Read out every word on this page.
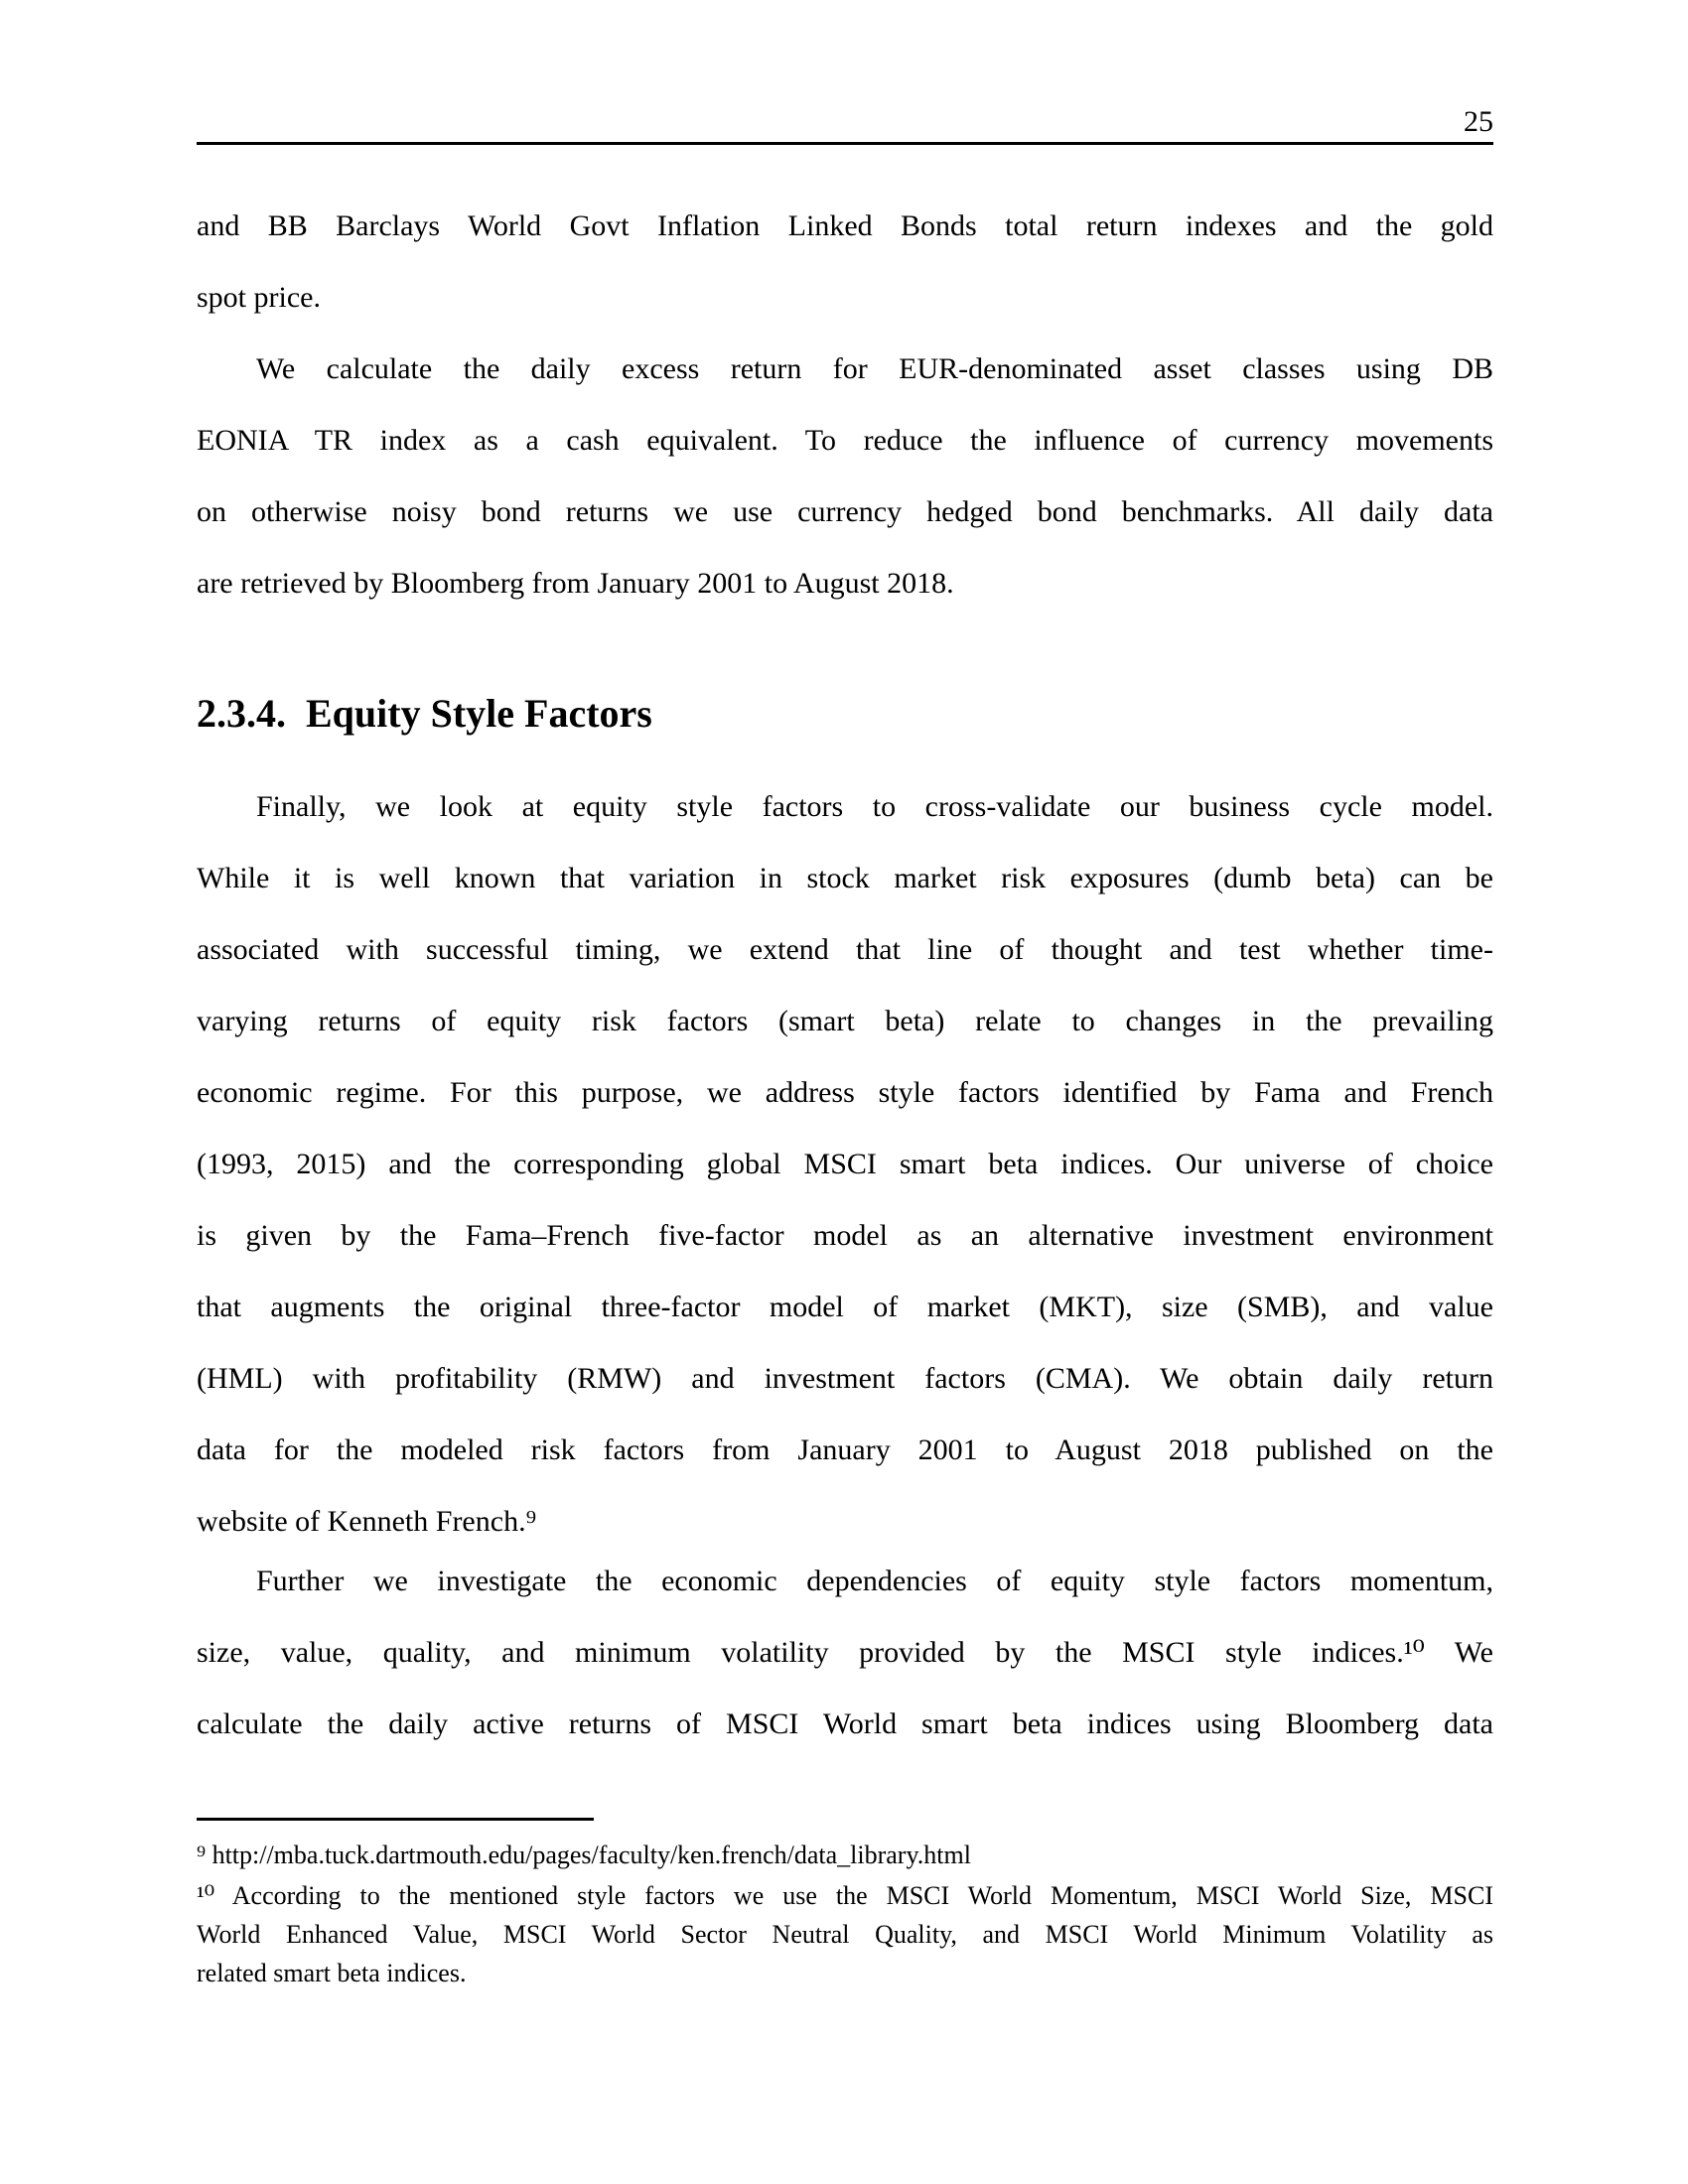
25
and BB Barclays World Govt Inflation Linked Bonds total return indexes and the gold
spot price.
We calculate the daily excess return for EUR-denominated asset classes using DB
EONIA TR index as a cash equivalent. To reduce the influence of currency movements
on otherwise noisy bond returns we use currency hedged bond benchmarks. All daily data
are retrieved by Bloomberg from January 2001 to August 2018.
2.3.4. Equity Style Factors
Finally, we look at equity style factors to cross-validate our business cycle model.
While it is well known that variation in stock market risk exposures (dumb beta) can be
associated with successful timing, we extend that line of thought and test whether time-
varying returns of equity risk factors (smart beta) relate to changes in the prevailing
economic regime. For this purpose, we address style factors identified by Fama and French
(1993, 2015) and the corresponding global MSCI smart beta indices. Our universe of choice
is given by the Fama–French five-factor model as an alternative investment environment
that augments the original three-factor model of market (MKT), size (SMB), and value
(HML) with profitability (RMW) and investment factors (CMA). We obtain daily return
data for the modeled risk factors from January 2001 to August 2018 published on the
website of Kenneth French.⁹
Further we investigate the economic dependencies of equity style factors momentum,
size, value, quality, and minimum volatility provided by the MSCI style indices.¹⁰ We
calculate the daily active returns of MSCI World smart beta indices using Bloomberg data
⁹ http://mba.tuck.dartmouth.edu/pages/faculty/ken.french/data_library.html
¹⁰ According to the mentioned style factors we use the MSCI World Momentum, MSCI World Size, MSCI
World Enhanced Value, MSCI World Sector Neutral Quality, and MSCI World Minimum Volatility as
related smart beta indices.
